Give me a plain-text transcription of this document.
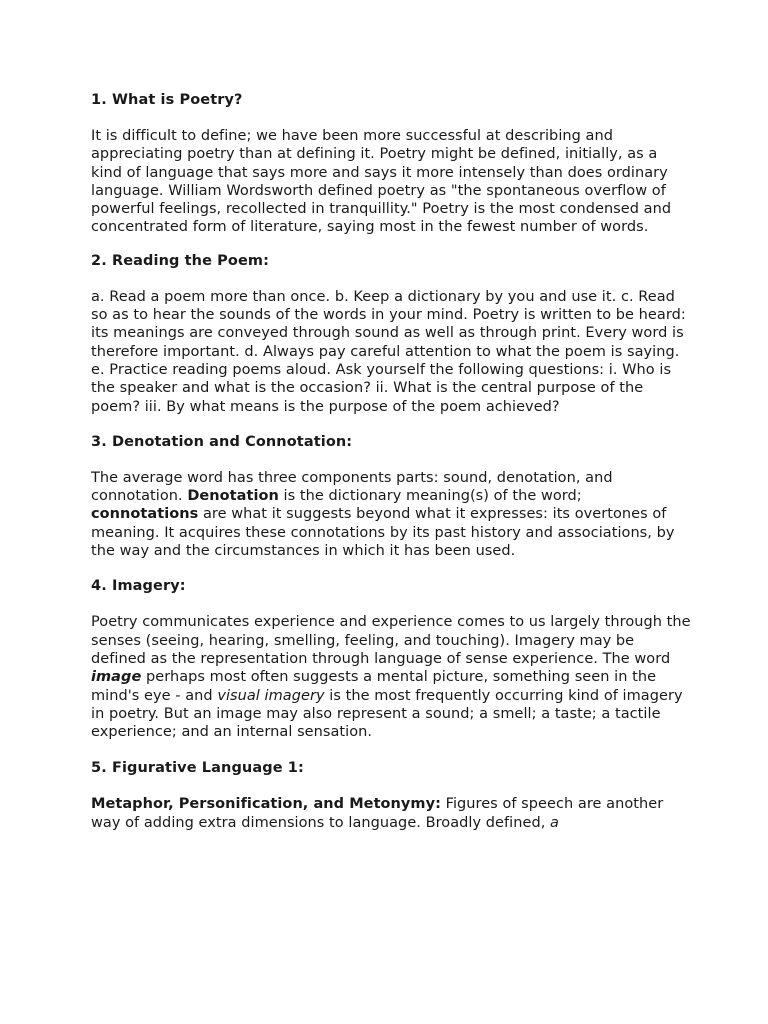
1. What is Poetry?

It is difficult to define; we have been more successful at describing and appreciating poetry than at defining it. Poetry might be defined, initially, as a kind of language that says more and says it more intensely than does ordinary language. William Wordsworth defined poetry as "the spontaneous overflow of powerful feelings, recollected in tranquillity." Poetry is the most condensed and concentrated form of literature, saying most in the fewest number of words.

2. Reading the Poem:

a. Read a poem more than once. b. Keep a dictionary by you and use it. c. Read so as to hear the sounds of the words in your mind. Poetry is written to be heard: its meanings are conveyed through sound as well as through print. Every word is therefore important. d. Always pay careful attention to what the poem is saying. e. Practice reading poems aloud. Ask yourself the following questions: i. Who is the speaker and what is the occasion? ii. What is the central purpose of the poem? iii. By what means is the purpose of the poem achieved?

3. Denotation and Connotation:

The average word has three components parts: sound, denotation, and connotation. Denotation is the dictionary meaning(s) of the word; connotations are what it suggests beyond what it expresses: its overtones of meaning. It acquires these connotations by its past history and associations, by the way and the circumstances in which it has been used.

4. Imagery:

Poetry communicates experience and experience comes to us largely through the senses (seeing, hearing, smelling, feeling, and touching). Imagery may be defined as the representation through language of sense experience. The word image perhaps most often suggests a mental picture, something seen in the mind's eye - and visual imagery is the most frequently occurring kind of imagery in poetry. But an image may also represent a sound; a smell; a taste; a tactile experience; and an internal sensation.

5. Figurative Language 1:

Metaphor, Personification, and Metonymy: Figures of speech are another way of adding extra dimensions to language. Broadly defined, a
